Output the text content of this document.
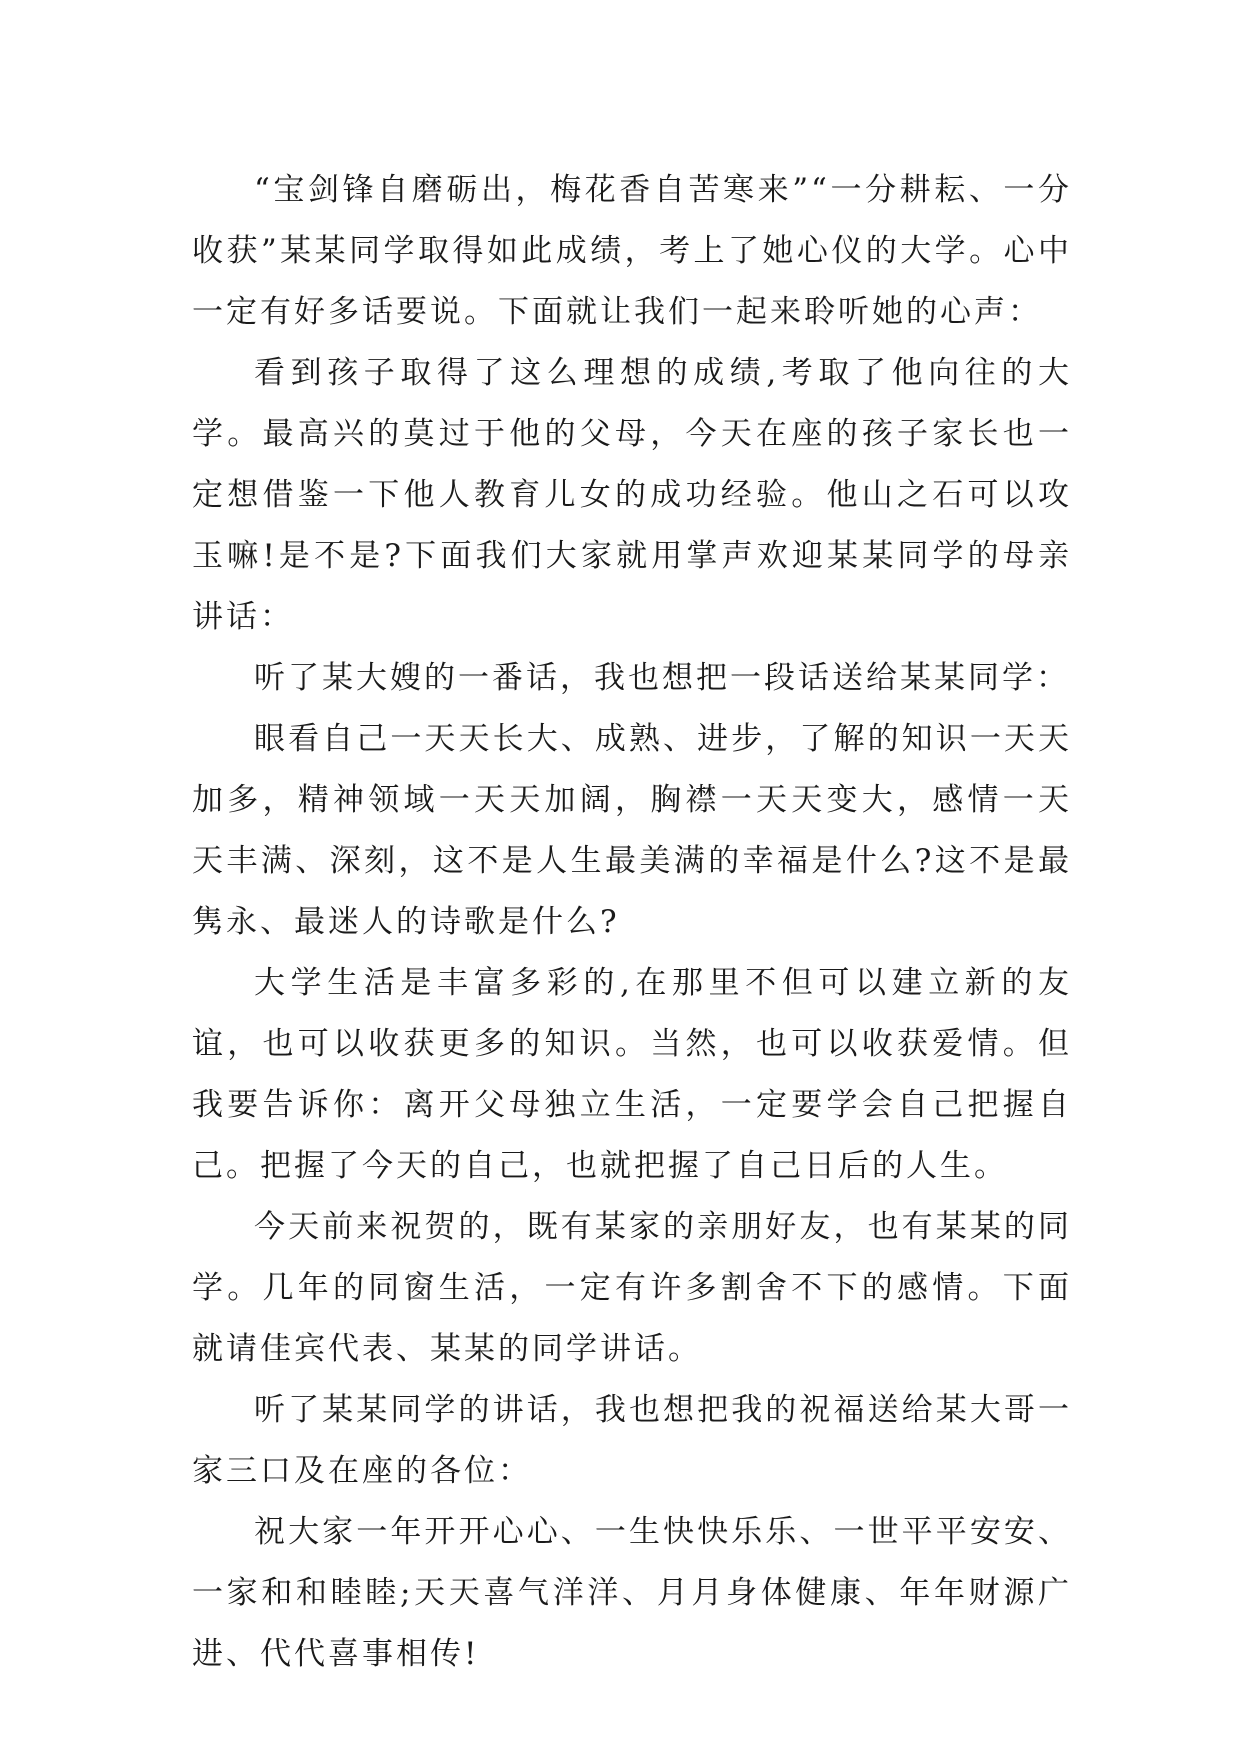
“宝剑锋自磨砺出，梅花香自苦寒来”“一分耕耘、一分收获”某某同学取得如此成绩，考上了她心仪的大学。心中一定有好多话要说。下面就让我们一起来聆听她的心声：

看到孩子取得了这么理想的成绩,考取了他向往的大学。最高兴的莫过于他的父母，今天在座的孩子家长也一定想借鉴一下他人教育儿女的成功经验。他山之石可以攻玉嘛!是不是?下面我们大家就用掌声欢迎某某同学的母亲讲话：

听了某大嫂的一番话，我也想把一段话送给某某同学：

眼看自己一天天长大、成熟、进步，了解的知识一天天加多，精神领域一天天加阔，胸襟一天天变大，感情一天天丰满、深刻，这不是人生最美满的幸福是什么?这不是最隽永、最迷人的诗歌是什么?

大学生活是丰富多彩的,在那里不但可以建立新的友谊，也可以收获更多的知识。当然，也可以收获爱情。但我要告诉你：离开父母独立生活，一定要学会自己把握自己。把握了今天的自己，也就把握了自己日后的人生。

今天前来祝贺的，既有某家的亲朋好友，也有某某的同学。几年的同窗生活，一定有许多割舍不下的感情。下面就请佳宾代表、某某的同学讲话。

听了某某同学的讲话，我也想把我的祝福送给某大哥一家三口及在座的各位：

祝大家一年开开心心、一生快快乐乐、一世平平安安、一家和和睦睦;天天喜气洋洋、月月身体健康、年年财源广进、代代喜事相传!
